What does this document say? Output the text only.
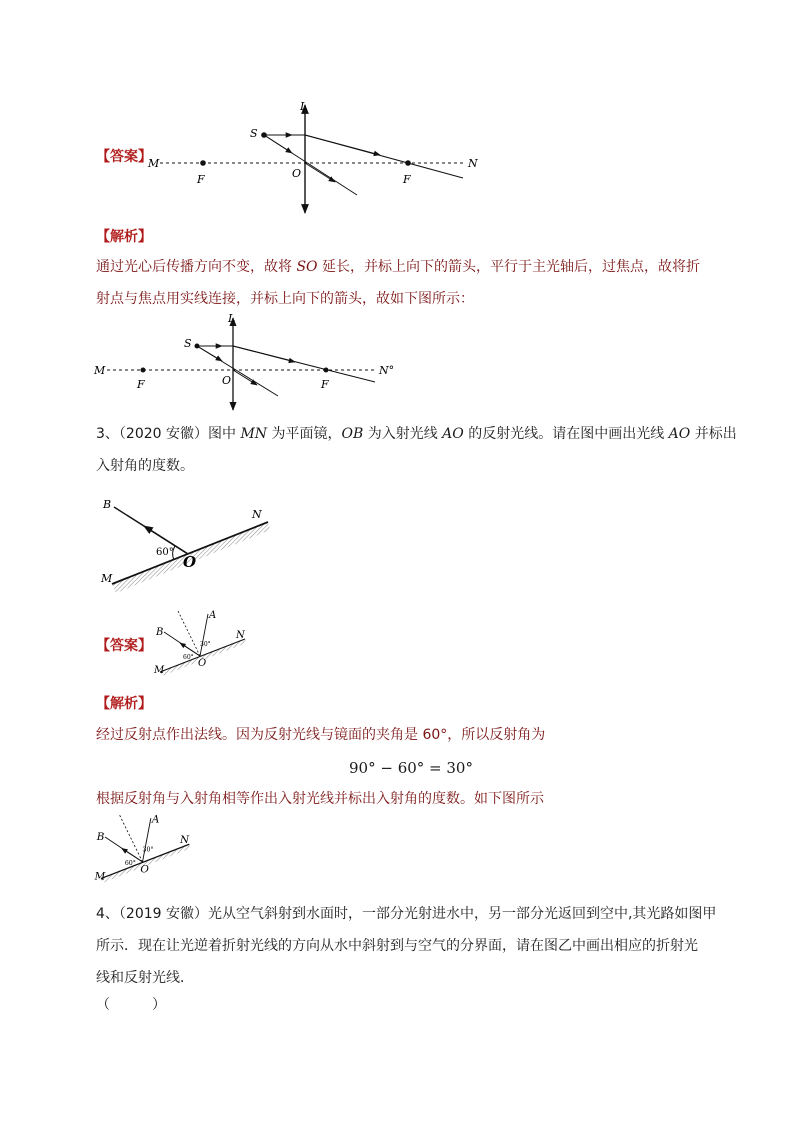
【答案】
L
S
M
F	O	F
N
【解析】
通过光心后传播方向不变，故将 SO 延长，并标上向下的箭头，平行于主光轴后，过焦点，故将折
射点与焦点用实线连接，并标上向下的箭头，故如下图所示：
L
S
M
F	O	F
N°
3、（2020 安徽）图中 MN 为平面镜，OB 为入射光线 AO 的反射光线。请在图中画出光线 AO 并标出
入射角的度数。
B
N
M
O
60°
【答案】
B
A
N
M
O
60°
30°
【解析】
经过反射点作出法线。因为反射光线与镜面的夹角是 60°，所以反射角为
90° − 60° = 30°
根据反射角与入射角相等作出入射光线并标出入射角的度数。如下图所示
B
A
N
M
O
60°
30°
4、（2019 安徽）光从空气斜射到水面时，一部分光射进水中，另一部分光返回到空中,其光路如图甲
所示．现在让光逆着折射光线的方向从水中斜射到与空气的分界面，请在图乙中画出相应的折射光
线和反射光线．
（　　　）
